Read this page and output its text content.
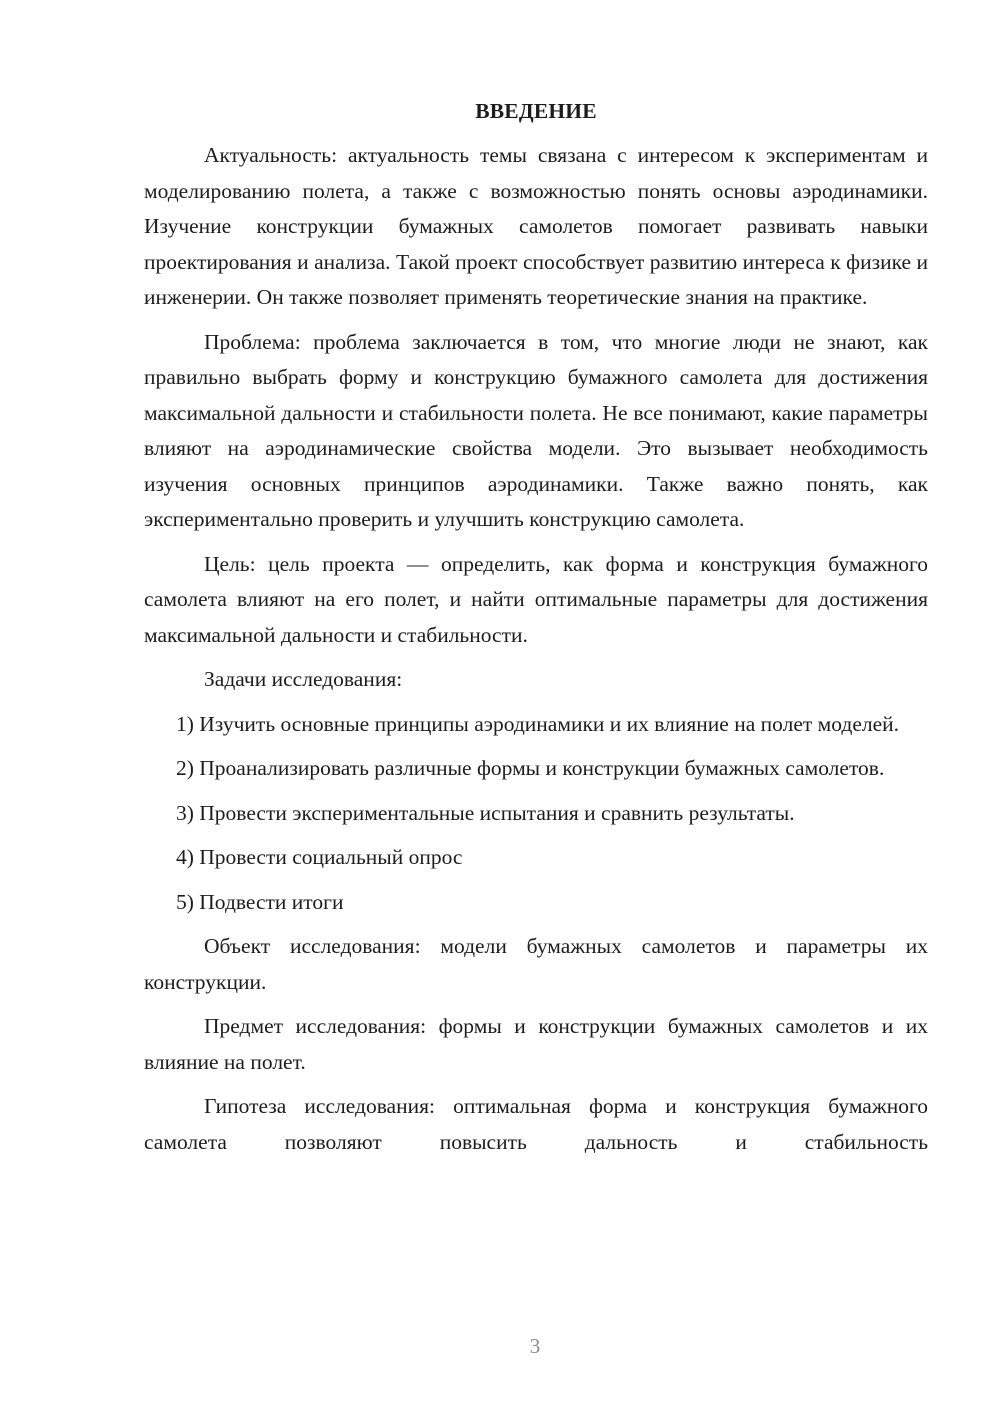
ВВЕДЕНИЕ

Актуальность: актуальность темы связана с интересом к экспериментам и моделированию полета, а также с возможностью понять основы аэродинамики. Изучение конструкции бумажных самолетов помогает развивать навыки проектирования и анализа. Такой проект способствует развитию интереса к физике и инженерии. Он также позволяет применять теоретические знания на практике.

Проблема: проблема заключается в том, что многие люди не знают, как правильно выбрать форму и конструкцию бумажного самолета для достижения максимальной дальности и стабильности полета. Не все понимают, какие параметры влияют на аэродинамические свойства модели. Это вызывает необходимость изучения основных принципов аэродинамики. Также важно понять, как экспериментально проверить и улучшить конструкцию самолета.

Цель: цель проекта — определить, как форма и конструкция бумажного самолета влияют на его полет, и найти оптимальные параметры для достижения максимальной дальности и стабильности.

Задачи исследования:

1) Изучить основные принципы аэродинамики и их влияние на полет моделей.

2) Проанализировать различные формы и конструкции бумажных самолетов.

3) Провести экспериментальные испытания и сравнить результаты.

4) Провести социальный опрос

5) Подвести итоги

Объект исследования: модели бумажных самолетов и параметры их конструкции.

Предмет исследования: формы и конструкции бумажных самолетов и их влияние на полет.

Гипотеза исследования: оптимальная форма и конструкция бумажного самолета позволяют повысить дальность и стабильность

3
